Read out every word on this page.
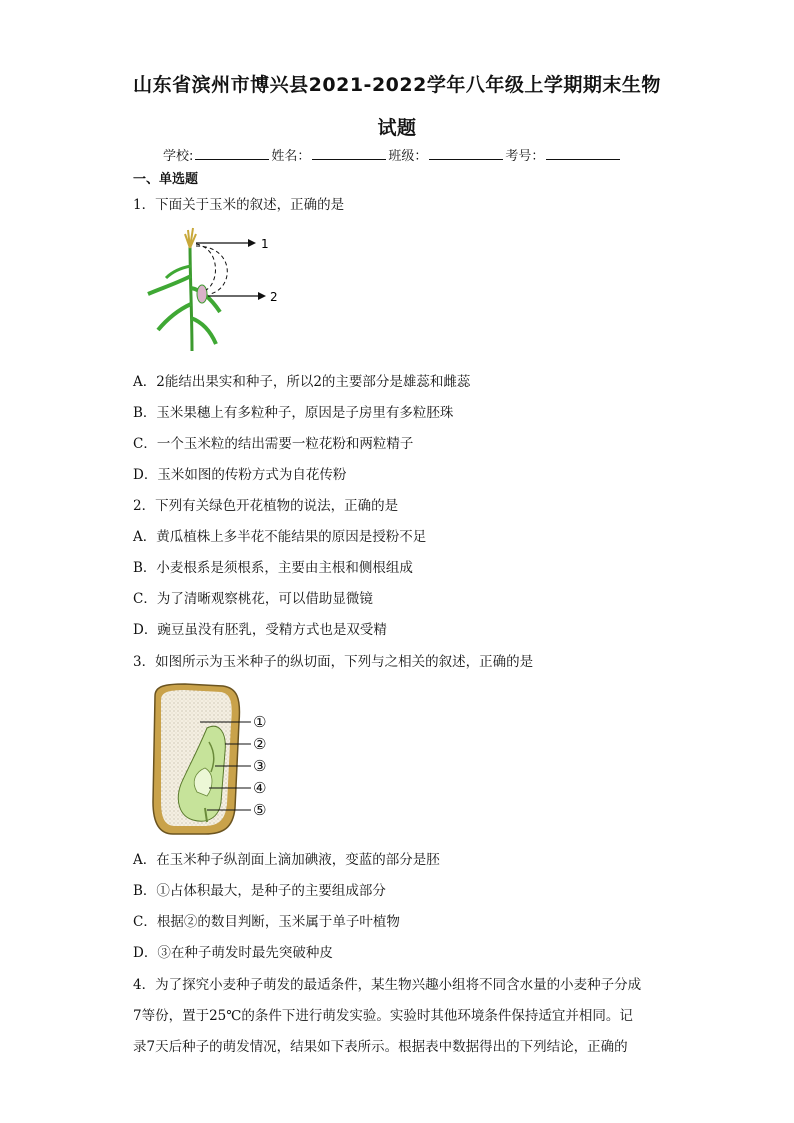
山东省滨州市博兴县2021-2022学年八年级上学期期末生物
试题
学校:	姓名：	班级：	考号：
一、单选题
1．下面关于玉米的叙述，正确的是
1
2
A．2能结出果实和种子，所以2的主要部分是雄蕊和雌蕊
B．玉米果穗上有多粒种子，原因是子房里有多粒胚珠
C．一个玉米粒的结出需要一粒花粉和两粒精子
D．玉米如图的传粉方式为自花传粉
2．下列有关绿色开花植物的说法，正确的是
A．黄瓜植株上多半花不能结果的原因是授粉不足
B．小麦根系是须根系，主要由主根和侧根组成
C．为了清晰观察桃花，可以借助显微镜
D．豌豆虽没有胚乳，受精方式也是双受精
3．如图所示为玉米种子的纵切面，下列与之相关的叙述，正确的是
①
②
③
④
⑤
A．在玉米种子纵剖面上滴加碘液，变蓝的部分是胚
B．①占体积最大，是种子的主要组成部分
C．根据②的数目判断，玉米属于单子叶植物
D．③在种子萌发时最先突破种皮
4．为了探究小麦种子萌发的最适条件，某生物兴趣小组将不同含水量的小麦种子分成
7等份，置于25℃的条件下进行萌发实验。实验时其他环境条件保持适宜并相同。记
录7天后种子的萌发情况，结果如下表所示。根据表中数据得出的下列结论，正确的
